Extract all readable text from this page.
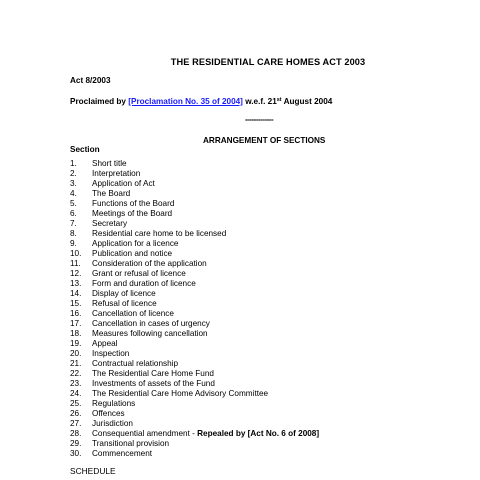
THE RESIDENTIAL CARE HOMES ACT 2003
Act 8/2003
Proclaimed by [Proclamation No. 35 of 2004] w.e.f. 21st August 2004
-------------
ARRANGEMENT OF SECTIONS
Section
1. Short title
2. Interpretation
3. Application of Act
4. The Board
5. Functions of the Board
6. Meetings of the Board
7. Secretary
8. Residential care home to be licensed
9. Application for a licence
10. Publication and notice
11. Consideration of the application
12. Grant or refusal of licence
13. Form and duration of licence
14. Display of licence
15. Refusal of licence
16. Cancellation of licence
17. Cancellation in cases of urgency
18. Measures following cancellation
19. Appeal
20. Inspection
21. Contractual relationship
22. The Residential Care Home Fund
23. Investments of assets of the Fund
24. The Residential Care Home Advisory Committee
25. Regulations
26. Offences
27. Jurisdiction
28. Consequential amendment - Repealed by [Act No. 6 of 2008]
29. Transitional provision
30. Commencement
SCHEDULE
